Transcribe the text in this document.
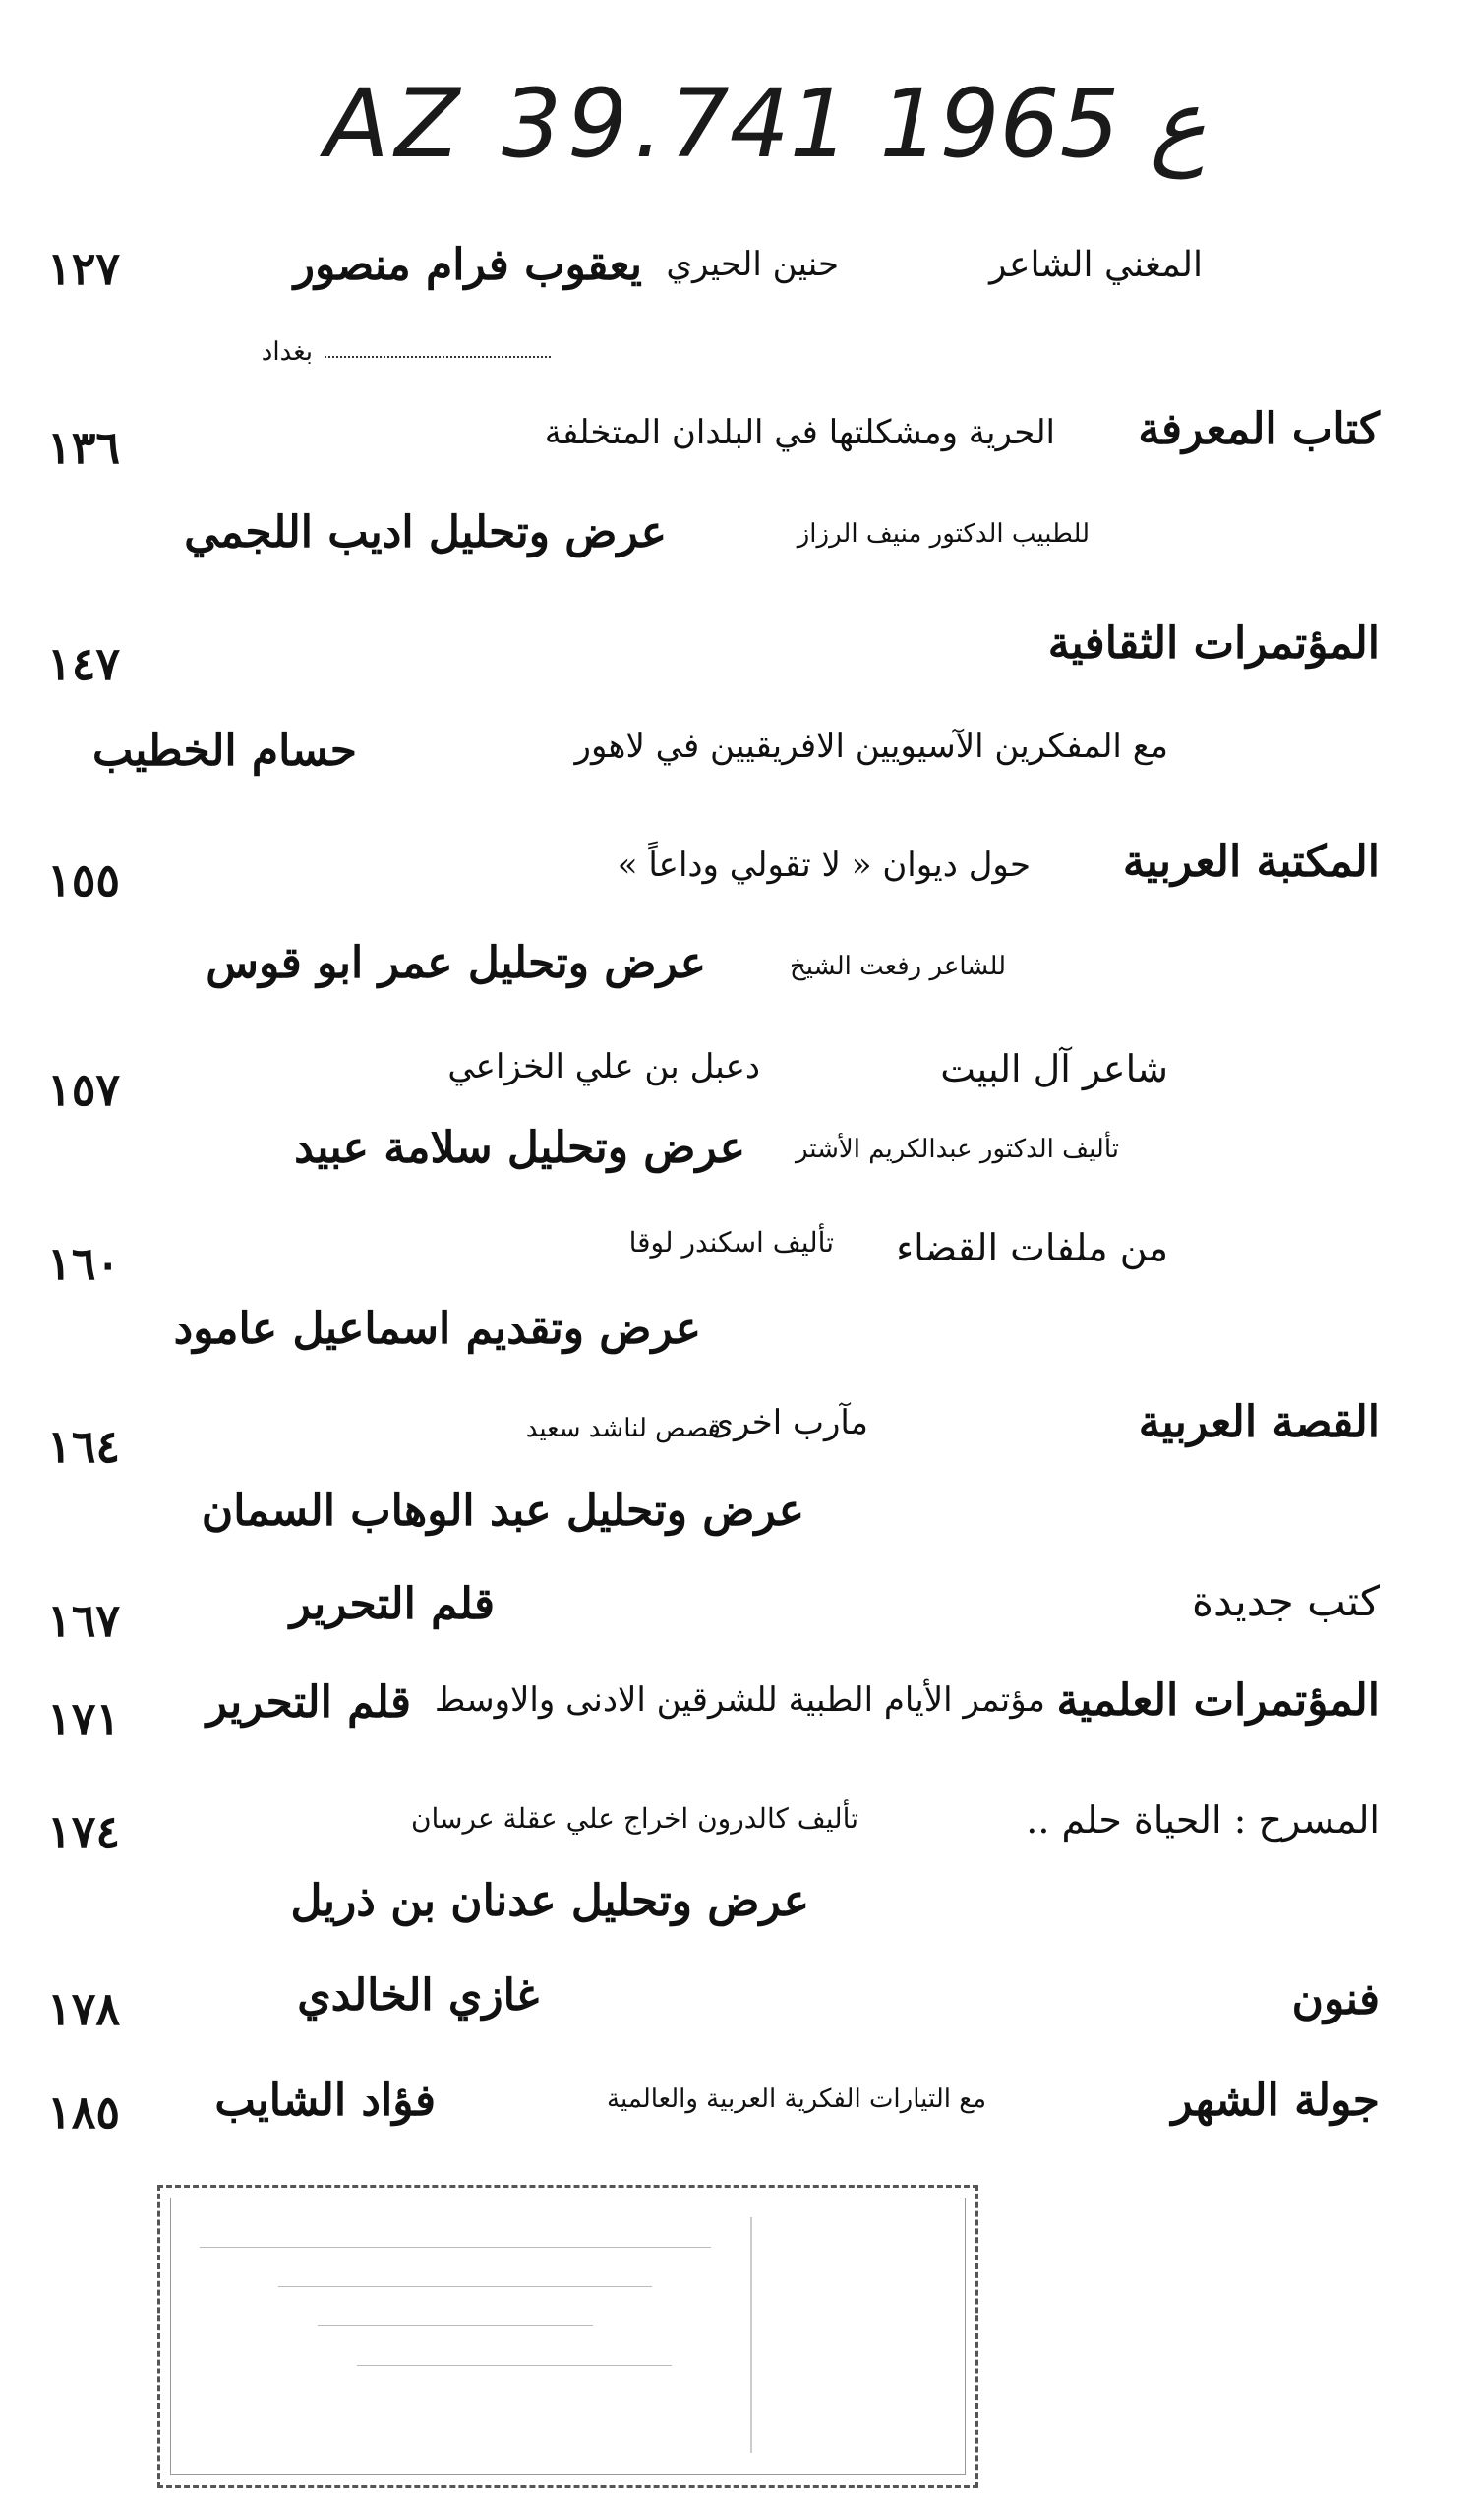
AZ 39.ع 1965 741
المغني الشاعر
حنين الحيري
يعقوب فرام منصور
١٢٧
بغداد
كتاب المعرفة
الحرية ومشكلتها في البلدان المتخلفة
١٣٦
للطبيب الدكتور منيف الرزاز
عرض وتحليل اديب اللجمي
المؤتمرات الثقافية
١٤٧
مع المفكرين الآسيويين الافريقيين في لاهور
حسام الخطيب
المكتبة العربية
حول ديوان « لا تقولي وداعاً »
١٥٥
للشاعر رفعت الشيخ
عرض وتحليل عمر ابو قوس
شاعر آل البيت
دعبل بن علي الخزاعي
١٥٧
تأليف الدكتور عبدالكريم الأشتر
عرض وتحليل سلامة عبيد
من ملفات القضاء
تأليف اسكندر لوقا
١٦٠
عرض وتقديم اسماعيل عامود
القصة العربية
مآرب اخرى
قصص لناشد سعيد
١٦٤
عرض وتحليل عبد الوهاب السمان
كتب جديدة
قلم التحرير
١٦٧
المؤتمرات العلمية
مؤتمر الأيام الطبية للشرقين الادنى والاوسط
قلم التحرير
١٧١
المسرح : الحياة حلم ..
تأليف كالدرون اخراج علي عقلة عرسان
١٧٤
عرض وتحليل عدنان بن ذريل
فنون
غازي الخالدي
١٧٨
جولة الشهر
مع التيارات الفكرية العربية والعالمية
فؤاد الشايب
١٨٥
